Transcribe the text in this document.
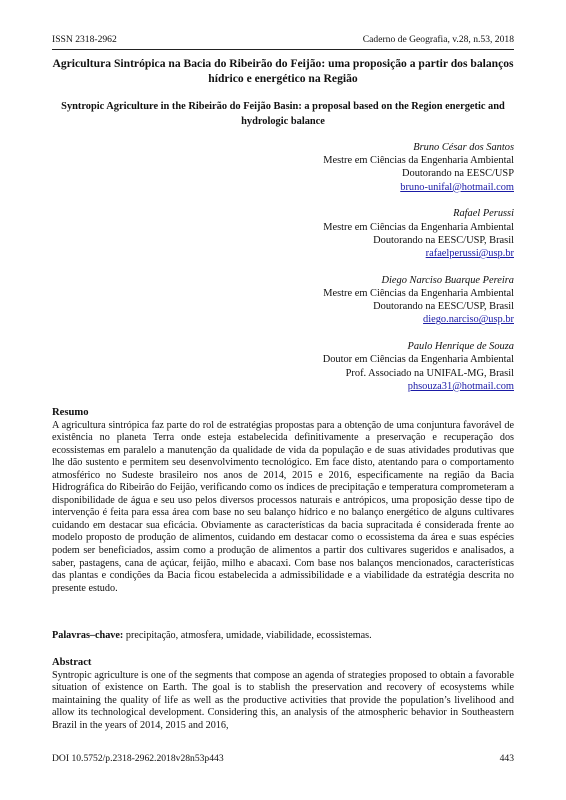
ISSN 2318-2962	Caderno de Geografia, v.28, n.53, 2018
Agricultura Sintrópica na Bacia do Ribeirão do Feijão: uma proposição a partir dos balanços hídrico e energético na Região
Syntropic Agriculture in the Ribeirão do Feijão Basin: a proposal based on the Region energetic and hydrologic balance
Bruno César dos Santos
Mestre em Ciências da Engenharia Ambiental
Doutorando na EESC/USP
bruno-unifal@hotmail.com
Rafael Perussi
Mestre em Ciências da Engenharia Ambiental
Doutorando na EESC/USP, Brasil
rafaelperussi@usp.br
Diego Narciso Buarque Pereira
Mestre em Ciências da Engenharia Ambiental
Doutorando na EESC/USP, Brasil
diego.narciso@usp.br
Paulo Henrique de Souza
Doutor em Ciências da Engenharia Ambiental
Prof. Associado na UNIFAL-MG, Brasil
phsouza31@hotmail.com
Resumo

A agricultura sintrópica faz parte do rol de estratégias propostas para a obtenção de uma conjuntura favorável de existência no planeta Terra onde esteja estabelecida definitivamente a preservação e recuperação dos ecossistemas em paralelo a manutenção da qualidade de vida da população e de suas atividades produtivas que lhe dão sustento e permitem seu desenvolvimento tecnológico. Em face disto, atentando para o comportamento atmosférico no Sudeste brasileiro nos anos de 2014, 2015 e 2016, especificamente na região da Bacia Hidrográfica do Ribeirão do Feijão, verificando como os índices de precipitação e temperatura comprometeram a disponibilidade de água e seu uso pelos diversos processos naturais e antrópicos, uma proposição desse tipo de intervenção é feita para essa área com base no seu balanço hídrico e no balanço energético de alguns cultivares cuidando em destacar sua eficácia. Obviamente as características da bacia supracitada é considerada frente ao modelo proposto de produção de alimentos, cuidando em destacar como o ecossistema da área e suas espécies podem ser beneficiados, assim como a produção de alimentos a partir dos cultivares sugeridos e analisados, a saber, pastagens, cana de açúcar, feijão, milho e abacaxi. Com base nos balanços mencionados, características das plantas e condições da Bacia ficou estabelecida a admissibilidade e a viabilidade da estratégia descrita no presente estudo.

Palavras–chave: precipitação, atmosfera, umidade, viabilidade, ecossistemas.
Abstract

Syntropic agriculture is one of the segments that compose an agenda of strategies proposed to obtain a favorable situation of existence on Earth. The goal is to stablish the preservation and recovery of ecosystems while maintaining the quality of life as well as the productive activities that provide the population’s livelihood and allow its technological development. Considering this, an analysis of the atmospheric behavior in Southeastern Brazil in the years of 2014, 2015 and 2016,

DOI 10.5752/p.2318-2962.2018v28n53p443	443
